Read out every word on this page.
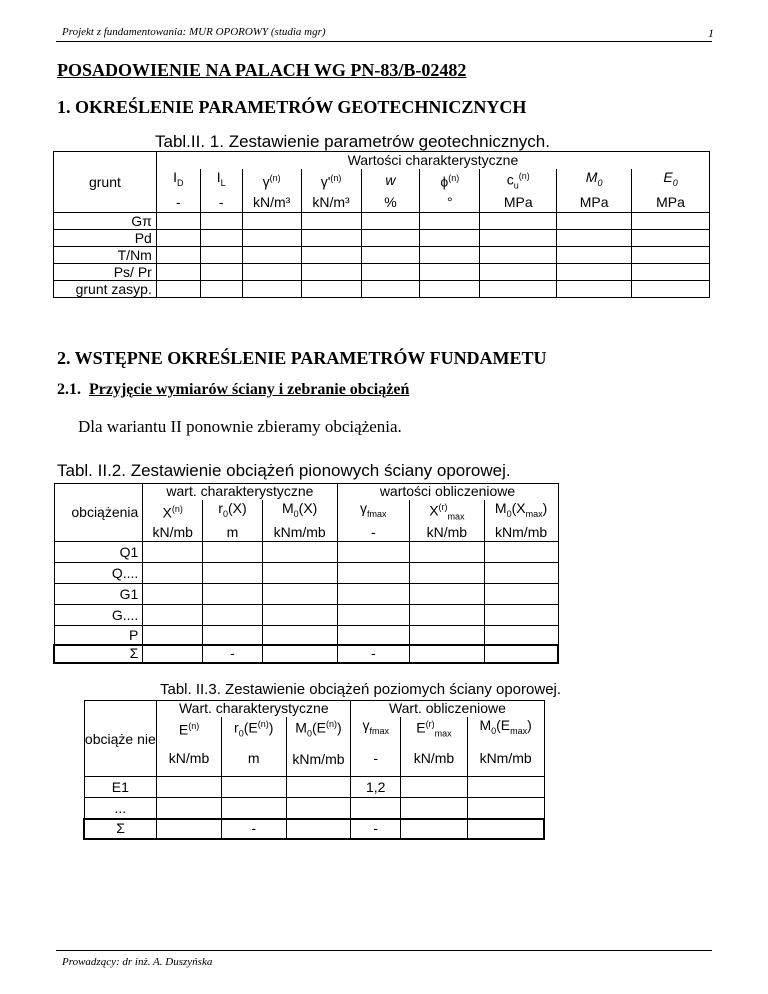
Projekt z fundamentowania: MUR OPOROWY (studia mgr)	1
POSADOWIENIE NA PALACH WG PN-83/B-02482
1. OKREŚLENIE PARAMETRÓW GEOTECHNICZNYCH
Tabl.II. 1. Zestawienie parametrów geotechnicznych.
grunt	Wartości charakterystyczne								
	$I_D$	$I_L$	$\gamma^{(n)}$	$\gamma'^{(n)}$	w	$\phi^{(n)}$	$c_u^{(n)}$	$M_0$	$E_0$
	-	-	kN/m³	kN/m³	%	°	MPa	MPa	MPa
Gπ									
Pd									
T/Nm									
Ps/ Pr									
grunt zasyp.									
2. WSTĘPNE OKREŚLENIE PARAMETRÓW FUNDAMETU
2.1. Przyjęcie wymiarów ściany i zebranie obciążeń
Dla wariantu II ponownie zbieramy obciążenia.
Tabl. II.2. Zestawienie obciążeń pionowych ściany oporowej.
obciążenia	wart. charakterystyczne			wartości obliczeniowe		
	$X^{(n)}$	$r_0(X)$	$M_0(X)$	$\gamma_{fmax}$	$X^{(r)}_{max}$	$M_0(X_{max})$
	kN/mb	m	kNm/mb	-	kN/mb	kNm/mb
Q1						
Q....						
G1						
G....						
P						
Σ		-		-		
Tabl. II.3. Zestawienie obciążeń poziomych ściany oporowej.
obciąże nie	Wart. charakterystyczne			Wart. obliczeniowe		
	$E^{(n)}$	$r_0(E^{(n)})$	$M_0(E^{(n)})$	$\gamma_{fmax}$	$E^{(r)}_{max}$	$M_0(E_{max})$
	kN/mb	m	kNm/mb	-	kN/mb	kNm/mb

E1				1,2		
...						
Σ		-		-		
Prowadzący: dr inż. A. Duszyńska
